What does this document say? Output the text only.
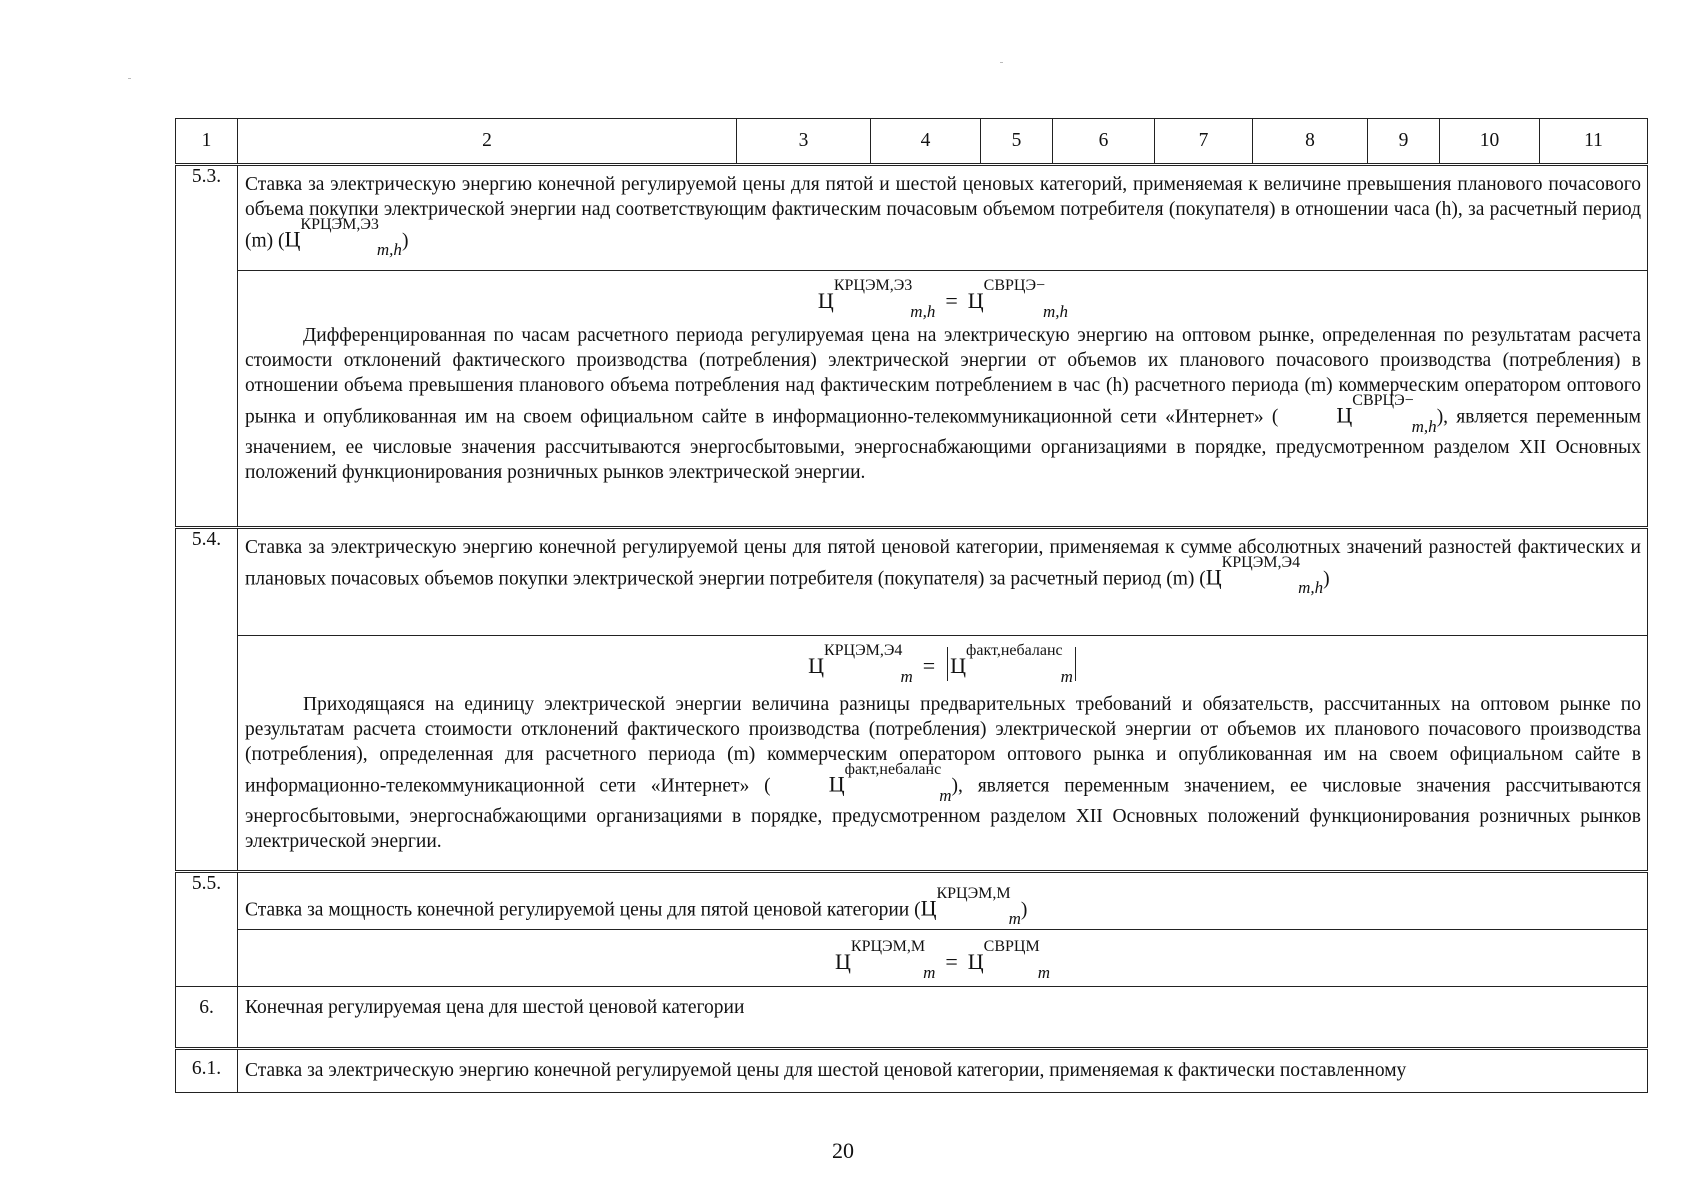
1	2	3	4	5	6	7	8	9	10	11
5.3.	Ставка за электрическую энергию конечной регулируемой цены для пятой и шестой ценовых категорий, применяемая к величине превышения планового почасового объема покупки электрической энергии над соответствующим фактическим почасовым объемом потребителя (покупателя) в отношении часа (h), за расчетный период (m) $(Ц^{КРЦЭМ,Э3}_{m,h})$									

	$Ц^{КРЦЭМ,Э3}_{m,h} = Ц^{СВРЦЭ-}_{m,h}$
Дифференцированная по часам расчетного периода регулируемая цена на электрическую энергию на оптовом рынке, определенная по результатам расчета стоимости отклонений фактического производства (потребления) электрической энергии от объемов их планового почасового производства (потребления) в отношении объема превышения планового объема потребления над фактическим потреблением в час (h) расчетного периода (m) коммерческим оператором оптового рынка и опубликованная им на своем официальном сайте в информационно-телекоммуникационной сети «Интернет» ( $Ц^{СВРЦЭ-}_{m,h}$), является переменным значением, ее числовые значения рассчитываются энергосбытовыми, энергоснабжающими организациями в порядке, предусмотренном разделом XII Основных положений функционирования розничных рынков электрической энергии.									

5.4.	Ставка за электрическую энергию конечной регулируемой цены для пятой ценовой категории, применяемая к сумме абсолютных значений разностей фактических и плановых почасовых объемов покупки электрической энергии потребителя (покупателя) за расчетный период (m) $(Ц^{КРЦЭМ,Э4}_{m,h})$									

	$Ц^{КРЦЭМ,Э4}_m = Ц^{факт,небаланс}_m$
Приходящаяся на единицу электрической энергии величина разницы предварительных требований и обязательств, рассчитанных на оптовом рынке по результатам расчета стоимости отклонений фактического производства (потребления) электрической энергии от объемов их планового почасового производства (потребления), определенная для расчетного периода (m) коммерческим оператором оптового рынка и опубликованная им на своем официальном сайте в информационно-телекоммуникационной сети «Интернет» ( $Ц^{факт,небаланс}_m$), является переменным значением, ее числовые значения рассчитываются энергосбытовыми, энергоснабжающими организациями в порядке, предусмотренном разделом XII Основных положений функционирования розничных рынков электрической энергии.									

5.5.	Ставка за мощность конечной регулируемой цены для пятой ценовой категории $(Ц^{КРЦЭМ,М}_m)$									

	$Ц^{КРЦЭМ,М}_m = Ц^{СВРЦМ}_m$

6.	Конечная регулируемая цена для шестой ценовой категории									

6.1.	Ставка за электрическую энергию конечной регулируемой цены для шестой ценовой категории, применяемая к фактически поставленному									
20
